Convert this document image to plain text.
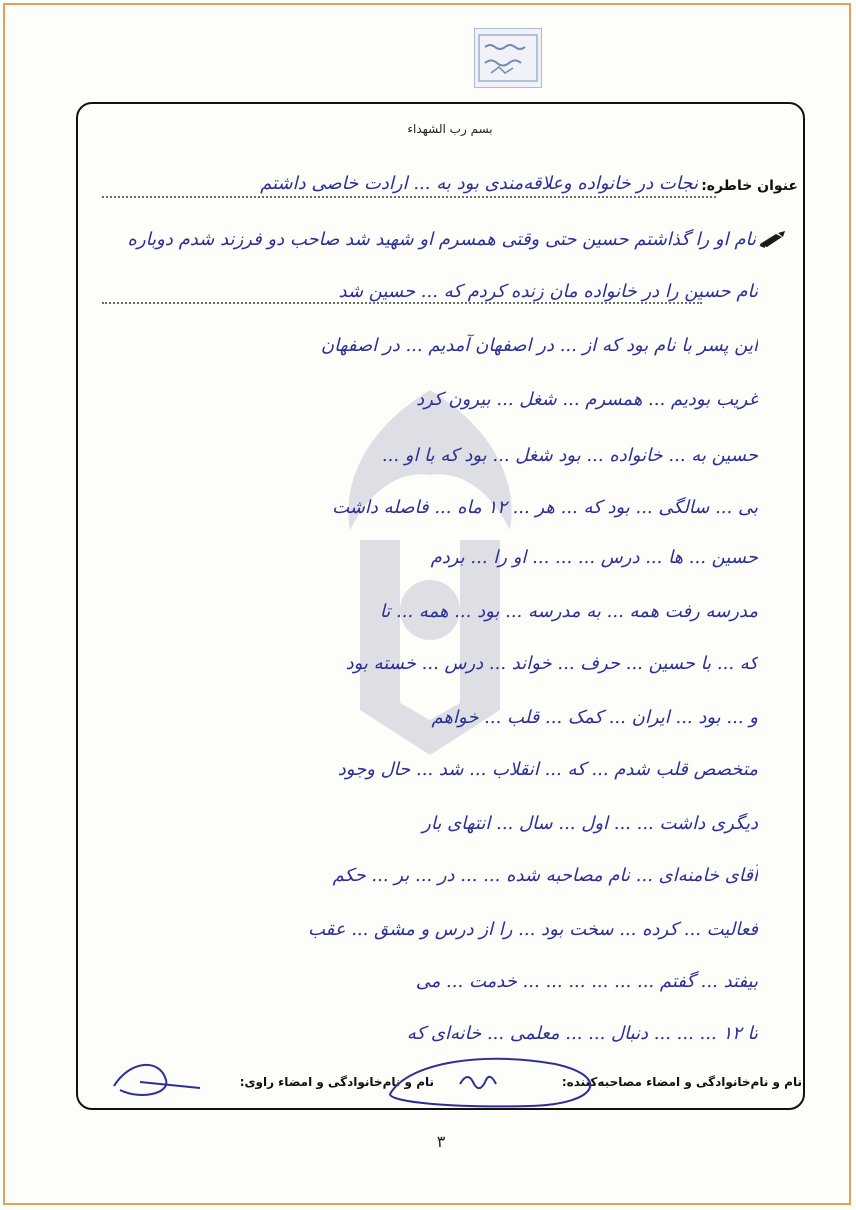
بسم رب الشهداء
عنوان خاطره:
نجات در خانواده وعلاقه‌مندی بود به ... ارادت خاصی داشتم
نام او را گذاشتم حسین حتی وقتی همسرم او شهید شد صاحب دو فرزند شدم دوباره
نام حسین را در خانواده مان زنده کردم که ... حسین شد
این پسر با نام بود که از ... در اصفهان آمدیم ... در اصفهان
غریب بودیم ... همسرم ... شغل ... بیرون کرد
حسین به ... خانواده ... بود شغل ... بود که با او ...
بی‌ ... سالگی ... بود که ... هر ... ۱۲ ماه ... فاصله داشت
حسین ... ها ... درس ... ... ... او را ... بردم
مدرسه رفت همه ... به مدرسه ... بود ... همه ... تا
که ... با حسین ... حرف ... خواند ... درس ... خسته بود
و ... بود ... ایران ... کمک ... قلب ... خواهم
متخصص قلب شدم ... که ... انقلاب ... شد ... حال وجود
دیگری داشت ... ... اول ... سال ... انتهای بار
آقای خامنه‌ای ... نام مصاحبه شده ... ... در ... بر ... حکم
فعالیت ... کرده ... سخت بود ... را از درس و مشق ... عقب
بیفتد ... گفتم ... ... ... ... ... ... خدمت ... می
تا ۱۲ ... ... ... دنبال ... ... معلمی ... خانه‌ای که
نام و نام‌خانوادگی و امضاء مصاحبه‌کننده:
نام و نام‌خانوادگی و امضاء راوی:
۳
